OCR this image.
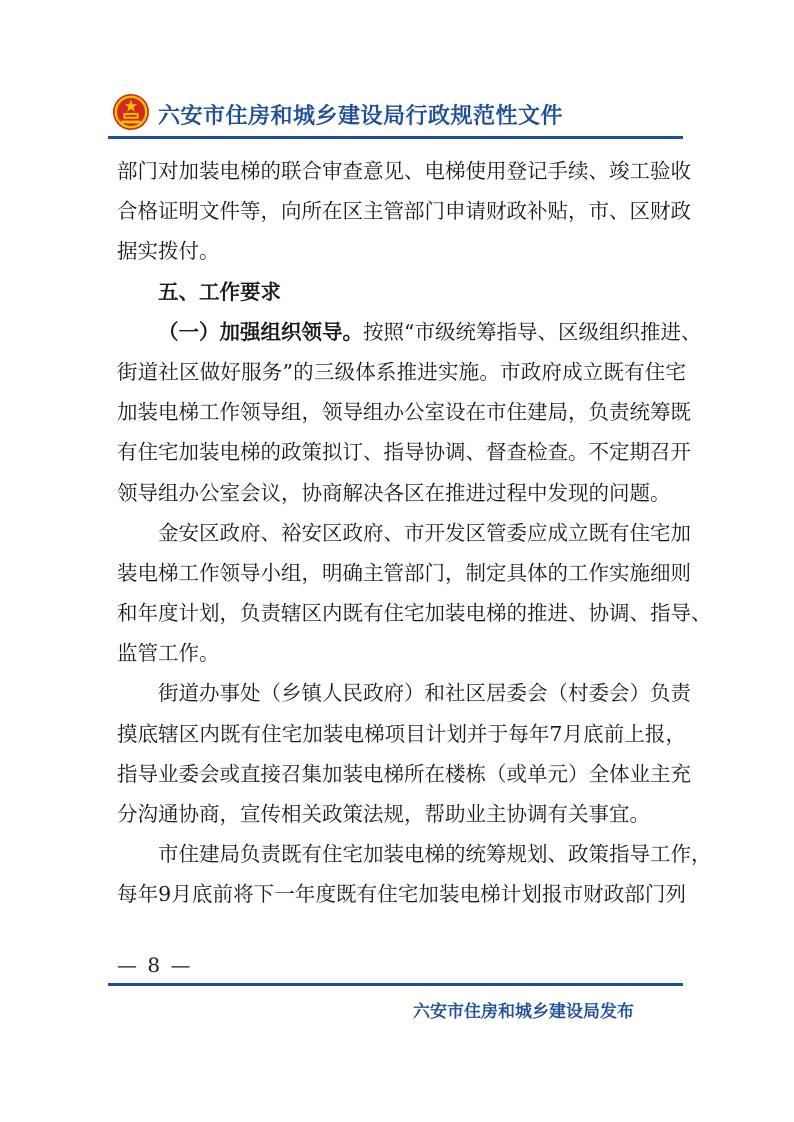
六安市住房和城乡建设局行政规范性文件
部门对加装电梯的联合审查意见、电梯使用登记手续、竣工验收
合格证明文件等，向所在区主管部门申请财政补贴，市、区财政
据实拨付。
五、工作要求
（一）加强组织领导。按照“市级统筹指导、区级组织推进、
街道社区做好服务”的三级体系推进实施。市政府成立既有住宅
加装电梯工作领导组，领导组办公室设在市住建局，负责统筹既
有住宅加装电梯的政策拟订、指导协调、督查检查。不定期召开
领导组办公室会议，协商解决各区在推进过程中发现的问题。
金安区政府、裕安区政府、市开发区管委应成立既有住宅加
装电梯工作领导小组，明确主管部门，制定具体的工作实施细则
和年度计划，负责辖区内既有住宅加装电梯的推进、协调、指导、
监管工作。
街道办事处（乡镇人民政府）和社区居委会（村委会）负责
摸底辖区内既有住宅加装电梯项目计划并于每年7月底前上报，
指导业委会或直接召集加装电梯所在楼栋（或单元）全体业主充
分沟通协商，宣传相关政策法规，帮助业主协调有关事宜。
市住建局负责既有住宅加装电梯的统筹规划、政策指导工作，
每年9月底前将下一年度既有住宅加装电梯计划报市财政部门列
— 8 —
六安市住房和城乡建设局发布
